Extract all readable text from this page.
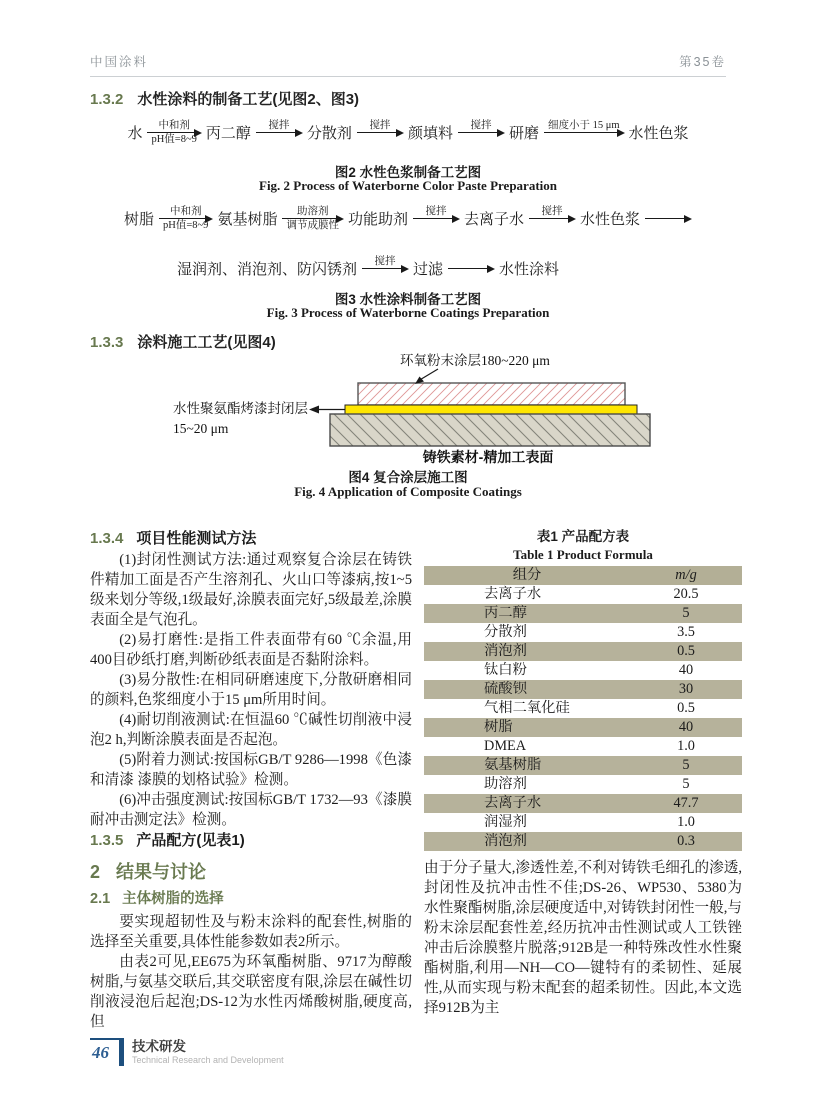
中国涂料	第35卷
1.3.2 水性涂料的制备工艺(见图2、图3)
水
中和剂
pH值=8~9 丙二醇
搅拌
分散剂
搅拌
颜填料
搅拌
研磨
细度小于 15 μm
水性色浆
图2 水性色浆制备工艺图
Fig. 2 Process of Waterborne Color Paste Preparation
树脂
中和剂
pH值=8~9 氨基树脂
助溶剂
调节成膜性 功能助剂
搅拌
去离子水
搅拌
水性色浆
湿润剂、消泡剂、防闪锈剂
搅拌
过滤	水性涂料
图3 水性涂料制备工艺图
Fig. 3 Process of Waterborne Coatings Preparation
1.3.3 涂料施工工艺(见图4)
环氧粉末涂层180~220 μm
水性聚氨酯烤漆封闭层
15~20 μm
铸铁素材-精加工表面
图4 复合涂层施工图
Fig. 4 Application of Composite Coatings
1.3.4 项目性能测试方法

(1)封闭性测试方法:通过观察复合涂层在铸铁件精加工面是否产生溶剂孔、火山口等漆病,按1~5级来划分等级,1级最好,涂膜表面完好,5级最差,涂膜表面全是气泡孔。

(2)易打磨性:是指工件表面带有60 ℃余温,用400目砂纸打磨,判断砂纸表面是否黏附涂料。

(3)易分散性:在相同研磨速度下,分散研磨相同的颜料,色浆细度小于15 μm所用时间。

(4)耐切削液测试:在恒温60 ℃碱性切削液中浸泡2 h,判断涂膜表面是否起泡。

(5)附着力测试:按国标GB/T 9286—1998《色漆和清漆 漆膜的划格试验》检测。

(6)冲击强度测试:按国标GB/T 1732—93《漆膜耐冲击测定法》检测。

1.3.5 产品配方(见表1)
2 结果与讨论
2.1 主体树脂的选择

要实现超韧性及与粉末涂料的配套性,树脂的选择至关重要,具体性能参数如表2所示。

由表2可见,EE675为环氧酯树脂、9717为醇酸树脂,与氨基交联后,其交联密度有限,涂层在碱性切削液浸泡后起泡;DS-12为水性丙烯酸树脂,硬度高,但

表1 产品配方表
Table 1 Product Formula
组分	m/g
去离子水	20.5
丙二醇	5
分散剂	3.5
消泡剂	0.5
钛白粉	40
硫酸钡	30
气相二氧化硅	0.5
树脂	40
DMEA	1.0
氨基树脂	5
助溶剂	5
去离子水	47.7
润湿剂	1.0
消泡剂	0.3

由于分子量大,渗透性差,不利对铸铁毛细孔的渗透,封闭性及抗冲击性不佳;DS-26、WP530、5380为水性聚酯树脂,涂层硬度适中,对铸铁封闭性一般,与粉末涂层配套性差,经历抗冲击性测试或人工铁锉冲击后涂膜整片脱落;912B是一种特殊改性水性聚酯树脂,利用—NH—CO—键特有的柔韧性、延展性,从而实现与粉末配套的超柔韧性。因此,本文选择912B为主

46	技术研发
Technical Research and Development
